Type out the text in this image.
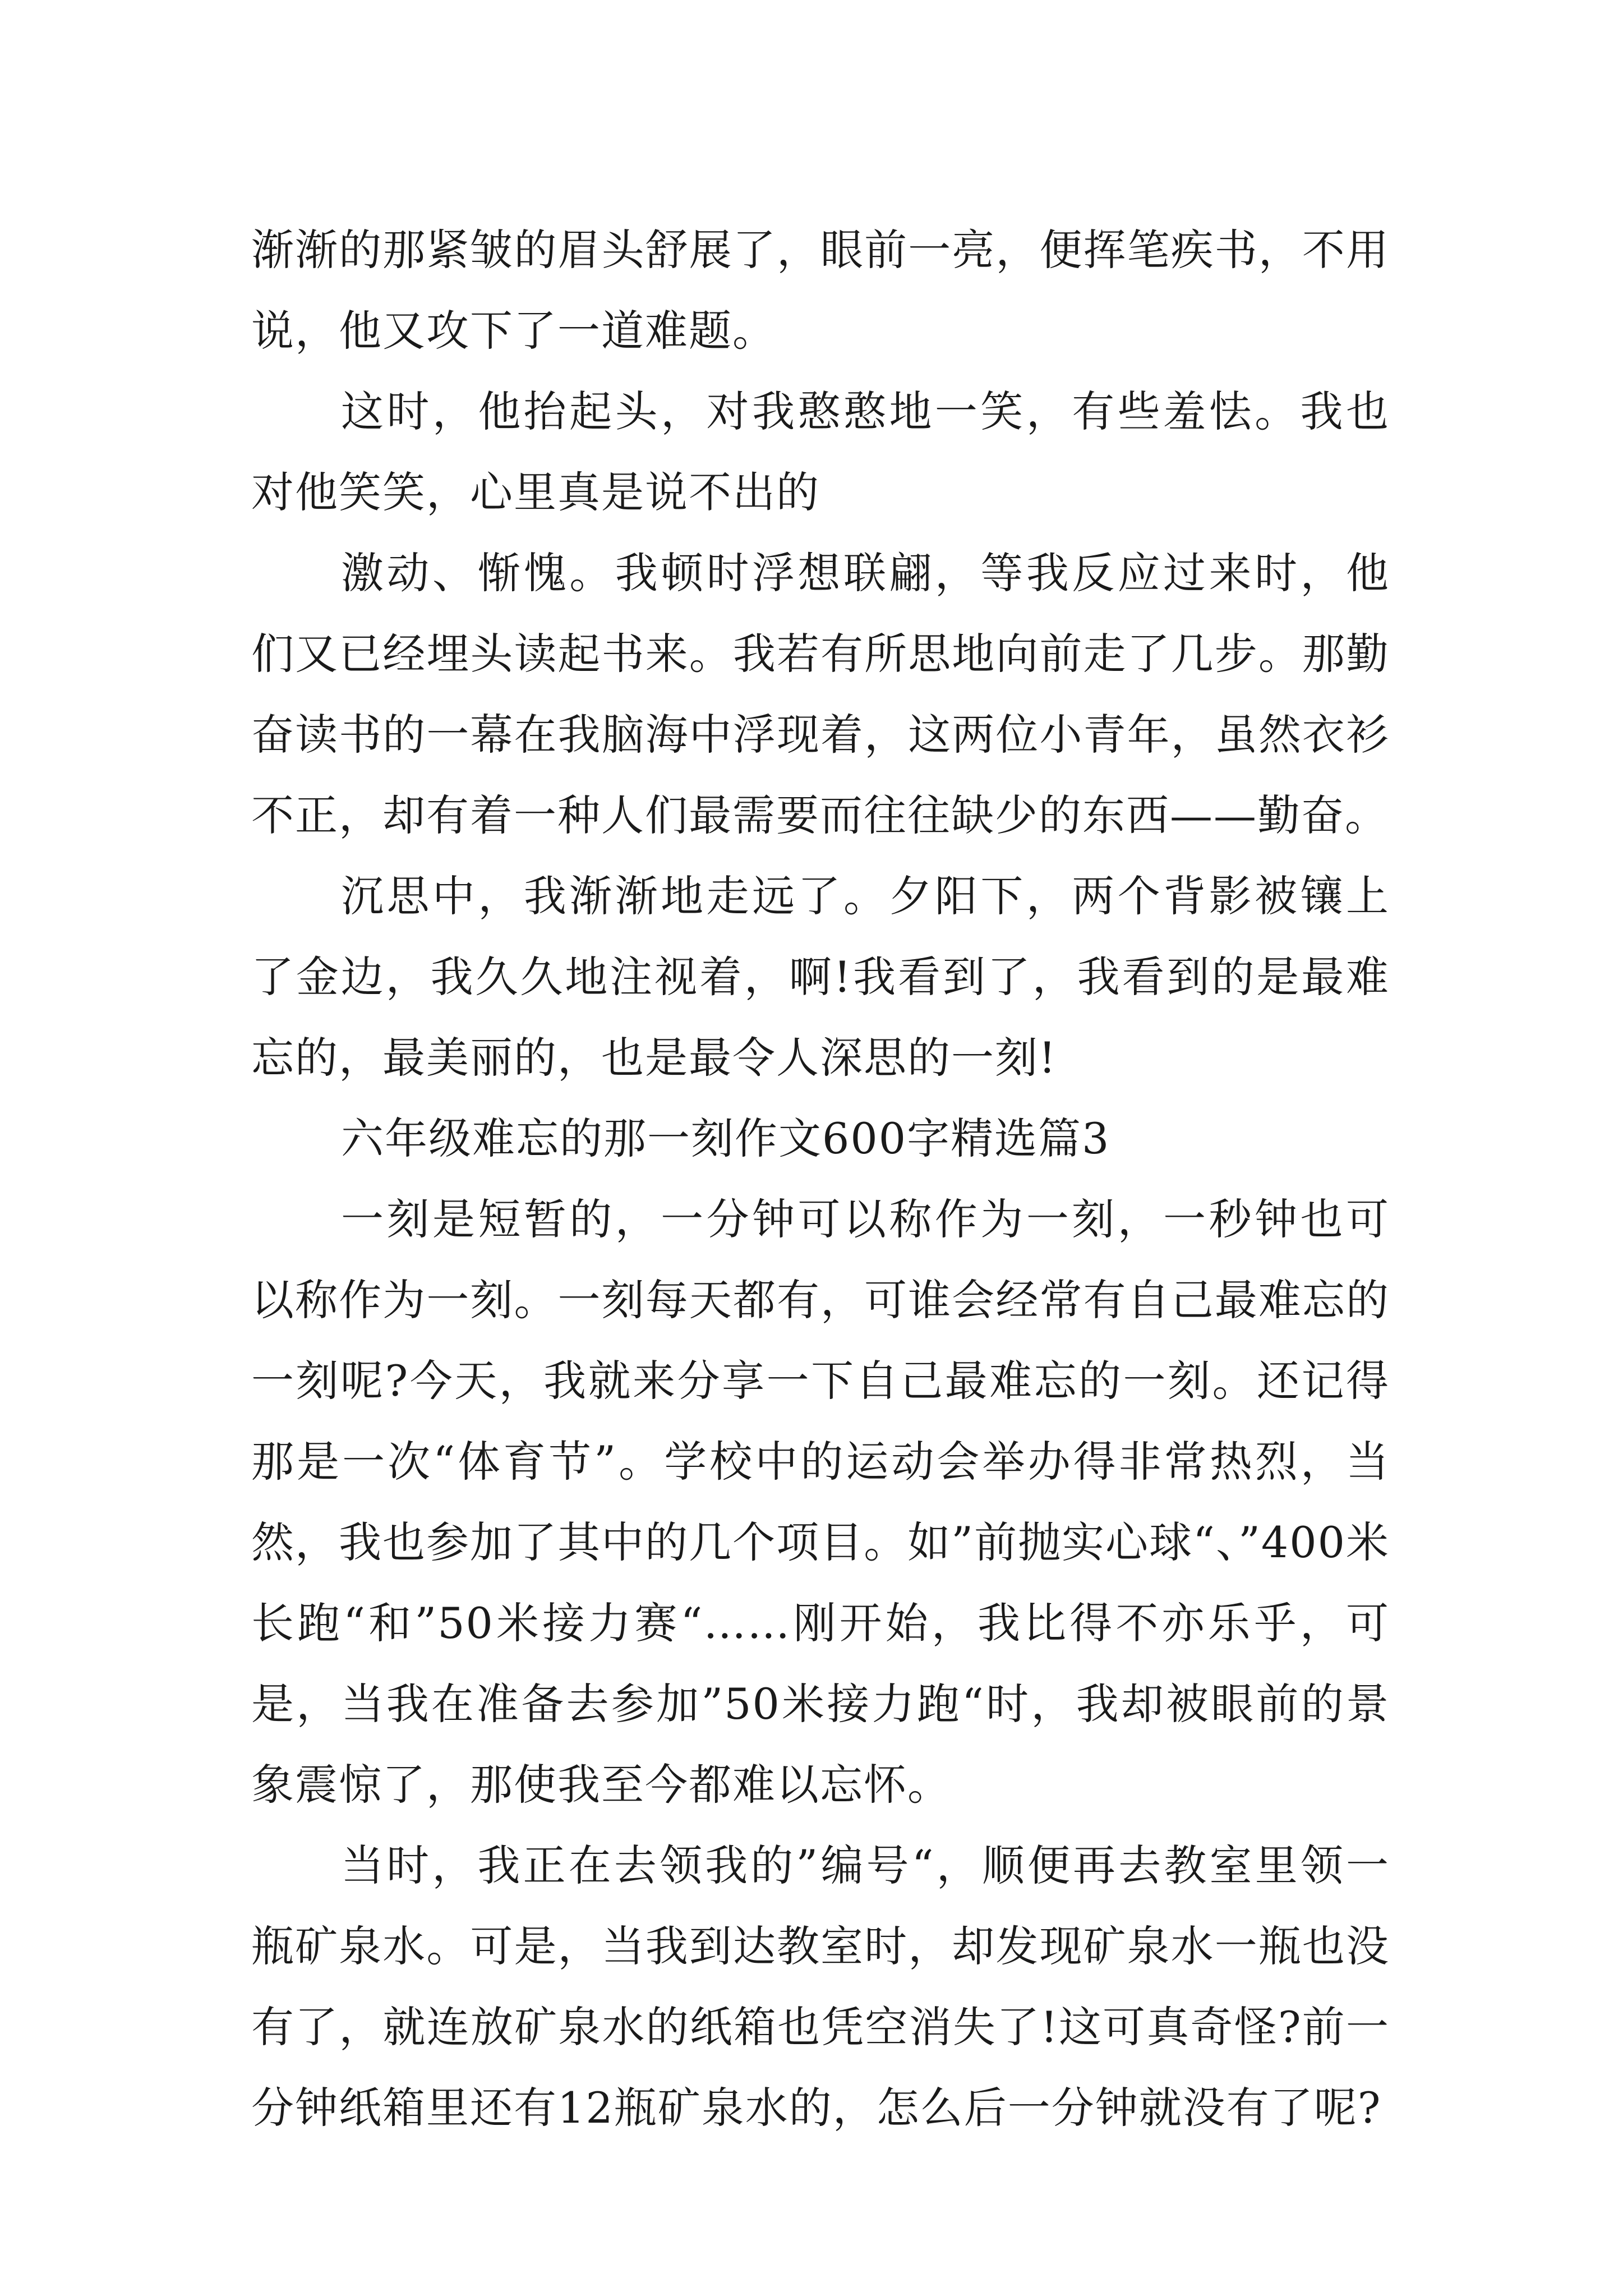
渐渐的那紧皱的眉头舒展了，眼前一亮，便挥笔疾书，不用说，他又攻下了一道难题。

这时，他抬起头，对我憨憨地一笑，有些羞怯。我也对他笑笑，心里真是说不出的

激动、惭愧。我顿时浮想联翩，等我反应过来时，他们又已经埋头读起书来。我若有所思地向前走了几步。那勤奋读书的一幕在我脑海中浮现着，这两位小青年，虽然衣衫不正，却有着一种人们最需要而往往缺少的东西——勤奋。

沉思中，我渐渐地走远了。夕阳下，两个背影被镶上了金边，我久久地注视着，啊!我看到了，我看到的是最难忘的，最美丽的，也是最令人深思的一刻!

六年级难忘的那一刻作文600字精选篇3

一刻是短暂的，一分钟可以称作为一刻，一秒钟也可以称作为一刻。一刻每天都有，可谁会经常有自己最难忘的一刻呢?今天，我就来分享一下自己最难忘的一刻。还记得那是一次“体育节”。学校中的运动会举办得非常热烈，当然，我也参加了其中的几个项目。如”前抛实心球“、”400米长跑“和”50米接力赛“……刚开始，我比得不亦乐乎，可是，当我在准备去参加”50米接力跑“时，我却被眼前的景象震惊了，那使我至今都难以忘怀。

当时，我正在去领我的”编号“，顺便再去教室里领一瓶矿泉水。可是，当我到达教室时，却发现矿泉水一瓶也没有了，就连放矿泉水的纸箱也凭空消失了!这可真奇怪?前一分钟纸箱里还有12瓶矿泉水的，怎么后一分钟就没有了呢?
